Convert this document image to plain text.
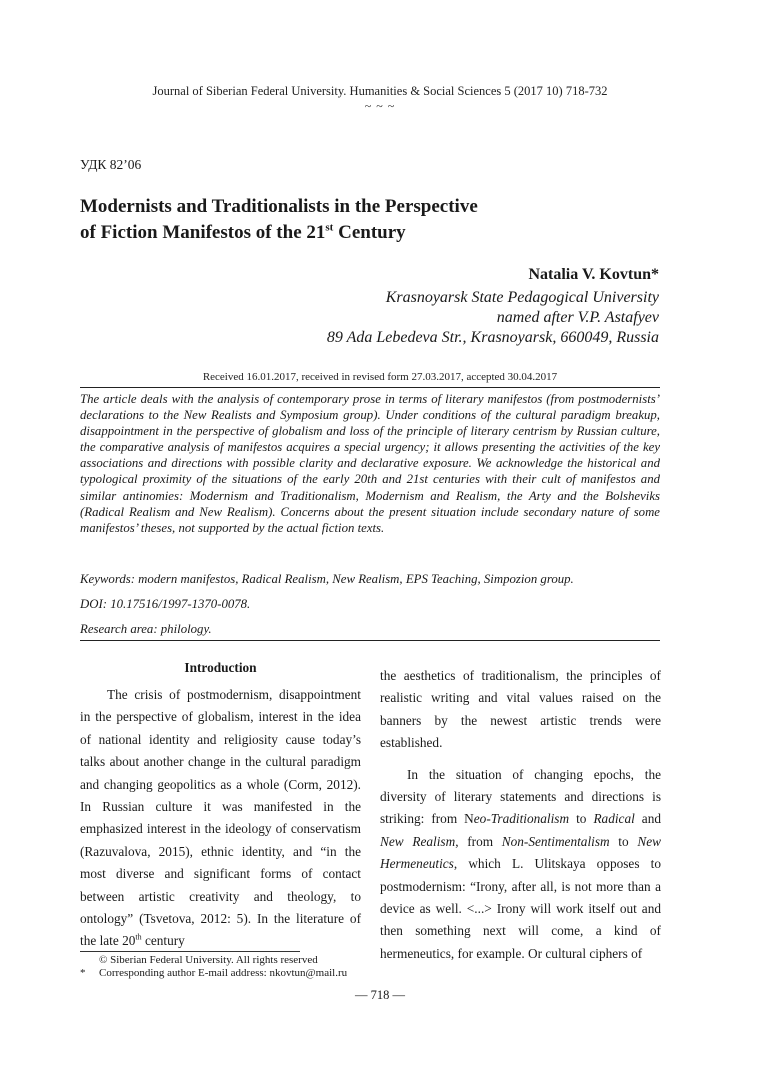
Journal of Siberian Federal University. Humanities & Social Sciences 5 (2017 10) 718-732
~ ~ ~
УДК 82’06
Modernists and Traditionalists in the Perspective
of Fiction Manifestos of the 21st Century
Natalia V. Kovtun*
Krasnoyarsk State Pedagogical University
named after V.P. Astafyev
89 Ada Lebedeva Str., Krasnoyarsk, 660049, Russia
Received 16.01.2017, received in revised form 27.03.2017, accepted 30.04.2017
The article deals with the analysis of contemporary prose in terms of literary manifestos (from postmodernists’ declarations to the New Realists and Symposium group). Under conditions of the cultural paradigm breakup, disappointment in the perspective of globalism and loss of the principle of literary centrism by Russian culture, the comparative analysis of manifestos acquires a special urgency; it allows presenting the activities of the key associations and directions with possible clarity and declarative exposure. We acknowledge the historical and typological proximity of the situations of the early 20th and 21st centuries with their cult of manifestos and similar antinomies: Modernism and Traditionalism, Modernism and Realism, the Arty and the Bolsheviks (Radical Realism and New Realism). Concerns about the present situation include secondary nature of some manifestos’ theses, not supported by the actual fiction texts.
Keywords: modern manifestos, Radical Realism, New Realism, EPS Teaching, Simpozion group.
DOI: 10.17516/1997-1370-0078.
Research area: philology.
Introduction

The crisis of postmodernism, disappointment in the perspective of globalism, interest in the idea of national identity and religiosity cause today’s talks about another change in the cultural paradigm and changing geopolitics as a whole (Corm, 2012). In Russian culture it was manifested in the emphasized interest in the ideology of conservatism (Razuvalova, 2015), ethnic identity, and “in the most diverse and significant forms of contact between artistic creativity and theology, to ontology” (Tsvetova, 2012: 5). In the literature of the late 20th century

the aesthetics of traditionalism, the principles of realistic writing and vital values raised on the banners by the newest artistic trends were established.

In the situation of changing epochs, the diversity of literary statements and directions is striking: from Neo-Traditionalism to Radical and New Realism, from Non-Sentimentalism to New Hermeneutics, which L. Ulitskaya opposes to postmodernism: “Irony, after all, is not more than a device as well. <...> Irony will work itself out and then something next will come, a kind of hermeneutics, for example. Or cultural ciphers of

© Siberian Federal University. All rights reserved
* Corresponding author E-mail address: nkovtun@mail.ru
— 718 —
